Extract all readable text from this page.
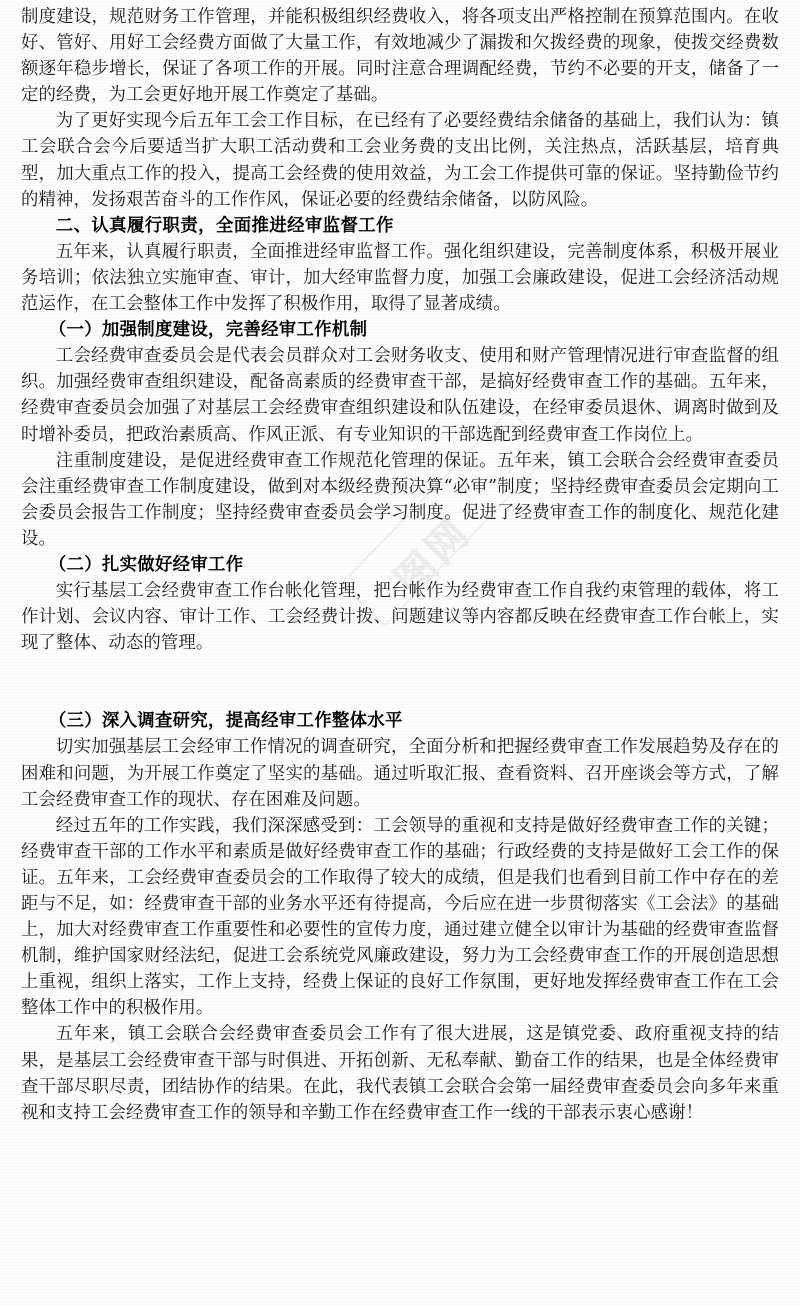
图网

制度建设，规范财务工作管理，并能积极组织经费收入，将各项支出严格控制在预算范围内。在收好、管好、用好工会经费方面做了大量工作，有效地减少了漏拨和欠拨经费的现象，使拨交经费数额逐年稳步增长，保证了各项工作的开展。同时注意合理调配经费，节约不必要的开支，储备了一定的经费，为工会更好地开展工作奠定了基础。

为了更好实现今后五年工会工作目标，在已经有了必要经费结余储备的基础上，我们认为：镇工会联合会今后要适当扩大职工活动费和工会业务费的支出比例，关注热点，活跃基层，培育典型，加大重点工作的投入，提高工会经费的使用效益，为工会工作提供可靠的保证。坚持勤俭节约的精神，发扬艰苦奋斗的工作作风，保证必要的经费结余储备，以防风险。

二、认真履行职责，全面推进经审监督工作

五年来，认真履行职责，全面推进经审监督工作。强化组织建设，完善制度体系，积极开展业务培训；依法独立实施审查、审计，加大经审监督力度，加强工会廉政建设，促进工会经济活动规范运作，在工会整体工作中发挥了积极作用，取得了显著成绩。

（一）加强制度建设，完善经审工作机制

工会经费审查委员会是代表会员群众对工会财务收支、使用和财产管理情况进行审查监督的组织。加强经费审查组织建设，配备高素质的经费审查干部，是搞好经费审查工作的基础。五年来，经费审查委员会加强了对基层工会经费审查组织建设和队伍建设，在经审委员退休、调离时做到及时增补委员，把政治素质高、作风正派、有专业知识的干部选配到经费审查工作岗位上。

注重制度建设，是促进经费审查工作规范化管理的保证。五年来，镇工会联合会经费审查委员会注重经费审查工作制度建设，做到对本级经费预决算“必审”制度；坚持经费审查委员会定期向工会委员会报告工作制度；坚持经费审查委员会学习制度。促进了经费审查工作的制度化、规范化建设。

（二）扎实做好经审工作

实行基层工会经费审查工作台帐化管理，把台帐作为经费审查工作自我约束管理的载体，将工作计划、会议内容、审计工作、工会经费计拨、问题建议等内容都反映在经费审查工作台帐上，实现了整体、动态的管理。

（三）深入调查研究，提高经审工作整体水平

切实加强基层工会经审工作情况的调查研究，全面分析和把握经费审查工作发展趋势及存在的困难和问题，为开展工作奠定了坚实的基础。通过听取汇报、查看资料、召开座谈会等方式，了解工会经费审查工作的现状、存在困难及问题。

经过五年的工作实践，我们深深感受到：工会领导的重视和支持是做好经费审查工作的关键；经费审查干部的工作水平和素质是做好经费审查工作的基础；行政经费的支持是做好工会工作的保证。五年来，工会经费审查委员会的工作取得了较大的成绩，但是我们也看到目前工作中存在的差距与不足，如：经费审查干部的业务水平还有待提高，今后应在进一步贯彻落实《工会法》的基础上，加大对经费审查工作重要性和必要性的宣传力度，通过建立健全以审计为基础的经费审查监督机制，维护国家财经法纪，促进工会系统党风廉政建设，努力为工会经费审查工作的开展创造思想上重视，组织上落实，工作上支持，经费上保证的良好工作氛围，更好地发挥经费审查工作在工会整体工作中的积极作用。

五年来，镇工会联合会经费审查委员会工作有了很大进展，这是镇党委、政府重视支持的结果，是基层工会经费审查干部与时俱进、开拓创新、无私奉献、勤奋工作的结果，也是全体经费审查干部尽职尽责，团结协作的结果。在此，我代表镇工会联合会第一届经费审查委员会向多年来重视和支持工会经费审查工作的领导和辛勤工作在经费审查工作一线的干部表示衷心感谢！
